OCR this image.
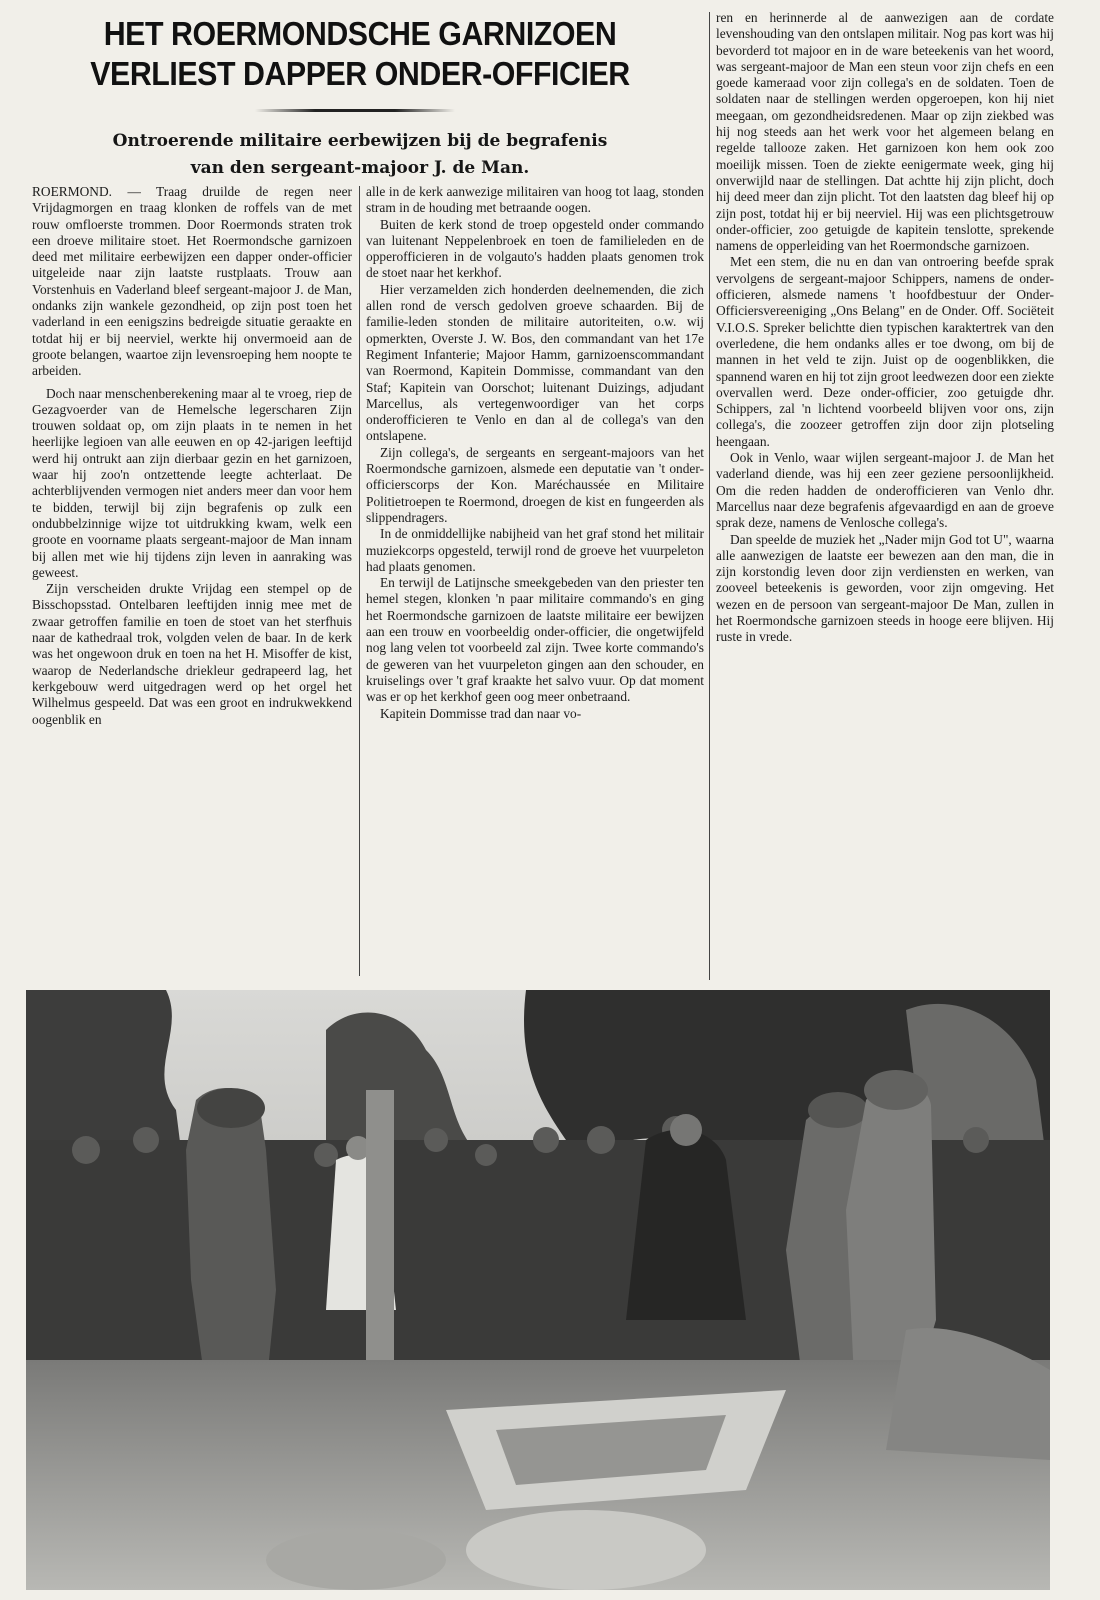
HET ROERMONDSCHE GARNIZOEN VERLIEST DAPPER ONDER-OFFICIER
Ontroerende militaire eerbewijzen bij de begrafenis
van den sergeant-majoor J. de Man.

ROERMOND. — Traag druilde de regen neer Vrijdagmorgen en traag klonken de roffels van de met rouw omfloerste trommen. Door Roermonds straten trok een droeve militaire stoet. Het Roermondsche garnizoen deed met militaire eerbewijzen een dapper onder-officier uitgeleide naar zijn laatste rustplaats. Trouw aan Vorstenhuis en Vaderland bleef sergeant-majoor J. de Man, ondanks zijn wankele gezondheid, op zijn post toen het vaderland in een eenigszins bedreigde situatie geraakte en totdat hij er bij neerviel, werkte hij onvermoeid aan de groote belangen, waartoe zijn levensroeping hem noopte te arbeiden.

Doch naar menschenberekening maar al te vroeg, riep de Gezagvoerder van de Hemelsche legerscharen Zijn trouwen soldaat op, om zijn plaats in te nemen in het heerlijke legioen van alle eeuwen en op 42-jarigen leeftijd werd hij ontrukt aan zijn dierbaar gezin en het garnizoen, waar hij zoo'n ontzettende leegte achterlaat. De achterblijvenden vermogen niet anders meer dan voor hem te bidden, terwijl bij zijn begrafenis op zulk een ondubbelzinnige wijze tot uitdrukking kwam, welk een groote en voorname plaats sergeant-majoor de Man innam bij allen met wie hij tijdens zijn leven in aanraking was geweest.

Zijn verscheiden drukte Vrijdag een stempel op de Bisschopsstad. Ontelbaren leeftijden innig mee met de zwaar getroffen familie en toen de stoet van het sterfhuis naar de kathedraal trok, volgden velen de baar. In de kerk was het ongewoon druk en toen na het H. Misoffer de kist, waarop de Nederlandsche driekleur gedrapeerd lag, het kerkgebouw werd uitgedragen werd op het orgel het Wilhelmus gespeeld. Dat was een groot en indrukwekkend oogenblik en

alle in de kerk aanwezige militairen van hoog tot laag, stonden stram in de houding met betraande oogen.

Buiten de kerk stond de troep opgesteld onder commando van luitenant Neppelenbroek en toen de familieleden en de opperofficieren in de volgauto's hadden plaats genomen trok de stoet naar het kerkhof.

Hier verzamelden zich honderden deelnemenden, die zich allen rond de versch gedolven groeve schaarden. Bij de familie-leden stonden de militaire autoriteiten, o.w. wij opmerkten, Overste J. W. Bos, den commandant van het 17e Regiment Infanterie; Majoor Hamm, garnizoenscommandant van Roermond, Kapitein Dommisse, commandant van den Staf; Kapitein van Oorschot; luitenant Duizings, adjudant Marcellus, als vertegenwoordiger van het corps onderofficieren te Venlo en dan al de collega's van den ontslapene.

Zijn collega's, de sergeants en sergeant-majoors van het Roermondsche garnizoen, alsmede een deputatie van 't onder-officierscorps der Kon. Maréchaussée en Militaire Politietroepen te Roermond, droegen de kist en fungeerden als slippendragers.

In de onmiddellijke nabijheid van het graf stond het militair muziekcorps opgesteld, terwijl rond de groeve het vuurpeleton had plaats genomen.

En terwijl de Latijnsche smeekgebeden van den priester ten hemel stegen, klonken 'n paar militaire commando's en ging het Roermondsche garnizoen de laatste militaire eer bewijzen aan een trouw en voorbeeldig onder-officier, die ongetwijfeld nog lang velen tot voorbeeld zal zijn. Twee korte commando's de geweren van het vuurpeleton gingen aan den schouder, en kruiselings over 't graf kraakte het salvo vuur. Op dat moment was er op het kerkhof geen oog meer onbetraand.

Kapitein Dommisse trad dan naar vo-

ren en herinnerde al de aanwezigen aan de cordate levenshouding van den ontslapen militair. Nog pas kort was hij bevorderd tot majoor en in de ware beteekenis van het woord, was sergeant-majoor de Man een steun voor zijn chefs en een goede kameraad voor zijn collega's en de soldaten. Toen de soldaten naar de stellingen werden opgeroepen, kon hij niet meegaan, om gezondheidsredenen. Maar op zijn ziekbed was hij nog steeds aan het werk voor het algemeen belang en regelde tallooze zaken. Het garnizoen kon hem ook zoo moeilijk missen. Toen de ziekte eenigermate week, ging hij onverwijld naar de stellingen. Dat achtte hij zijn plicht, doch hij deed meer dan zijn plicht. Tot den laatsten dag bleef hij op zijn post, totdat hij er bij neerviel. Hij was een plichtsgetrouw onder-officier, zoo getuigde de kapitein tenslotte, sprekende namens de opperleiding van het Roermondsche garnizoen.

Met een stem, die nu en dan van ontroering beefde sprak vervolgens de sergeant-majoor Schippers, namens de onder-officieren, alsmede namens 't hoofdbestuur der Onder-Officiersvereeniging „Ons Belang" en de Onder. Off. Sociëteit V.I.O.S. Spreker belichtte dien typischen karaktertrek van den overledene, die hem ondanks alles er toe dwong, om bij de mannen in het veld te zijn. Juist op de oogenblikken, die spannend waren en hij tot zijn groot leedwezen door een ziekte overvallen werd. Deze onder-officier, zoo getuigde dhr. Schippers, zal 'n lichtend voorbeeld blijven voor ons, zijn collega's, die zoozeer getroffen zijn door zijn plotseling heengaan.

Ook in Venlo, waar wijlen sergeant-majoor J. de Man het vaderland diende, was hij een zeer geziene persoonlijkheid. Om die reden hadden de onderofficieren van Venlo dhr. Marcellus naar deze begrafenis afgevaardigd en aan de groeve sprak deze, namens de Venlosche collega's.

Dan speelde de muziek het „Nader mijn God tot U", waarna alle aanwezigen de laatste eer bewezen aan den man, die in zijn korstondig leven door zijn verdiensten en werken, van zooveel beteekenis is geworden, voor zijn omgeving. Het wezen en de persoon van sergeant-majoor De Man, zullen in het Roermondsche garnizoen steeds in hooge eere blijven. Hij ruste in vrede.
